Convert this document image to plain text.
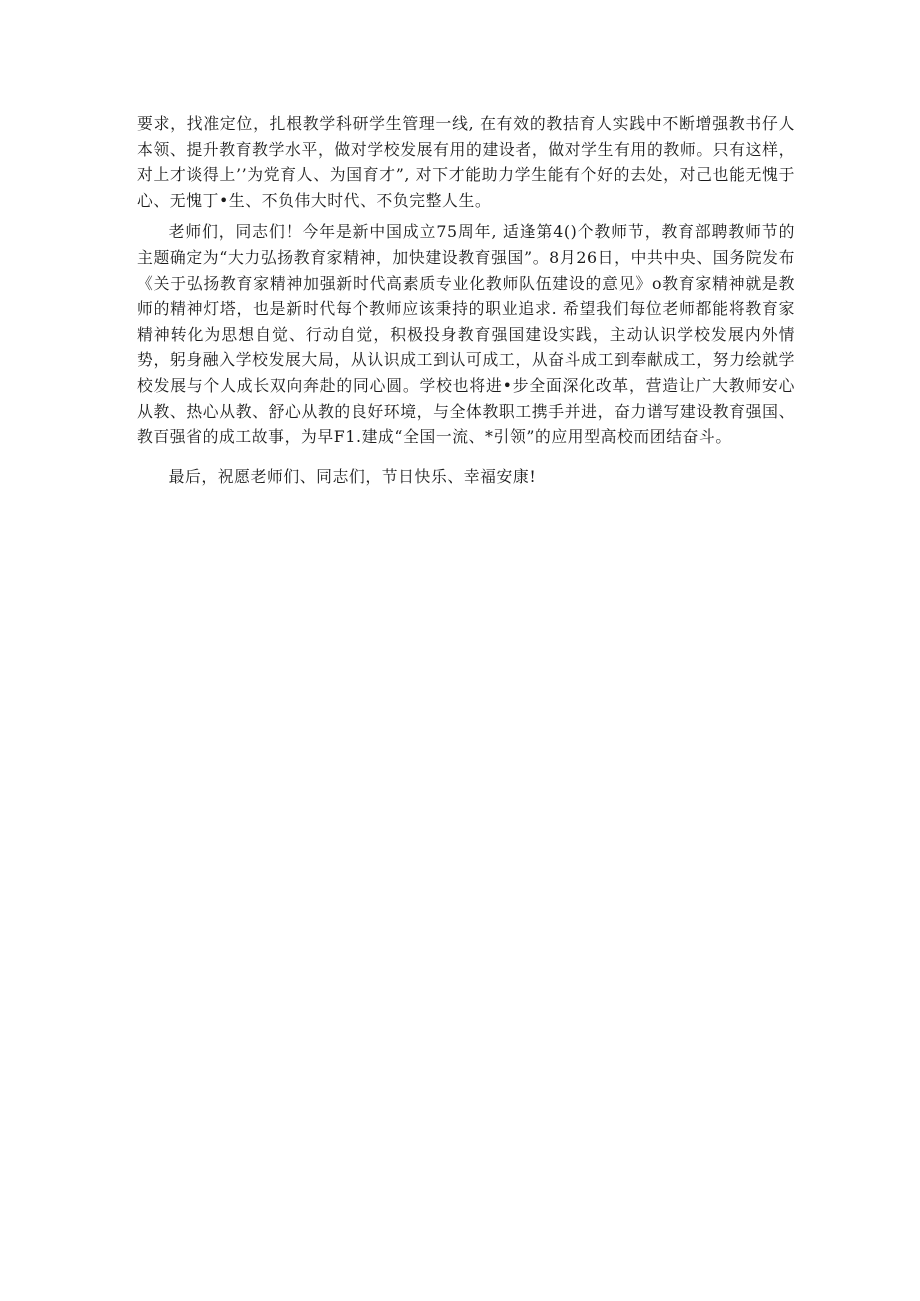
要求，找准定位，扎根教学科研学生管理一线, 在有效的教拮育人实践中不断增强教书仔人本领、提升教育教学水平，做对学校发展有用的建设者，做对学生有用的教师。只有这样，对上才谈得上’’为党育人、为国育才”, 对下才能助力学生能有个好的去处，对己也能无愧于心、无愧丁•生、不负伟大时代、不负完整人生。

老师们，同志们！今年是新中国成立75周年, 适逢第4()个教师节，教育部聘教师节的主题确定为“大力弘扬教育家精神，加快建设教育强国”。8月26日，中共中央、国务院发布《关于弘扬教育家精神加强新时代高素质专业化教师队伍建设的意见》o教育家精神就是教师的精神灯塔，也是新时代每个教师应该秉持的职业追求. 希望我们每位老师都能将教育家精神转化为思想自觉、行动自觉，积极投身教育强国建设实践，主动认识学校发展内外情势，躬身融入学校发展大局，从认识成工到认可成工，从奋斗成工到奉献成工，努力绘就学校发展与个人成长双向奔赴的同心圆。学校也将进•步全面深化改革，营造让广大教师安心从教、热心从教、舒心从教的良好环境，与全体教职工携手并进，奋力谱写建设教育强国、教百强省的成工故事，为早F1.建成“全国一流、*引领”的应用型高校而团结奋斗。

最后，祝愿老师们、同志们，节日快乐、幸福安康!
